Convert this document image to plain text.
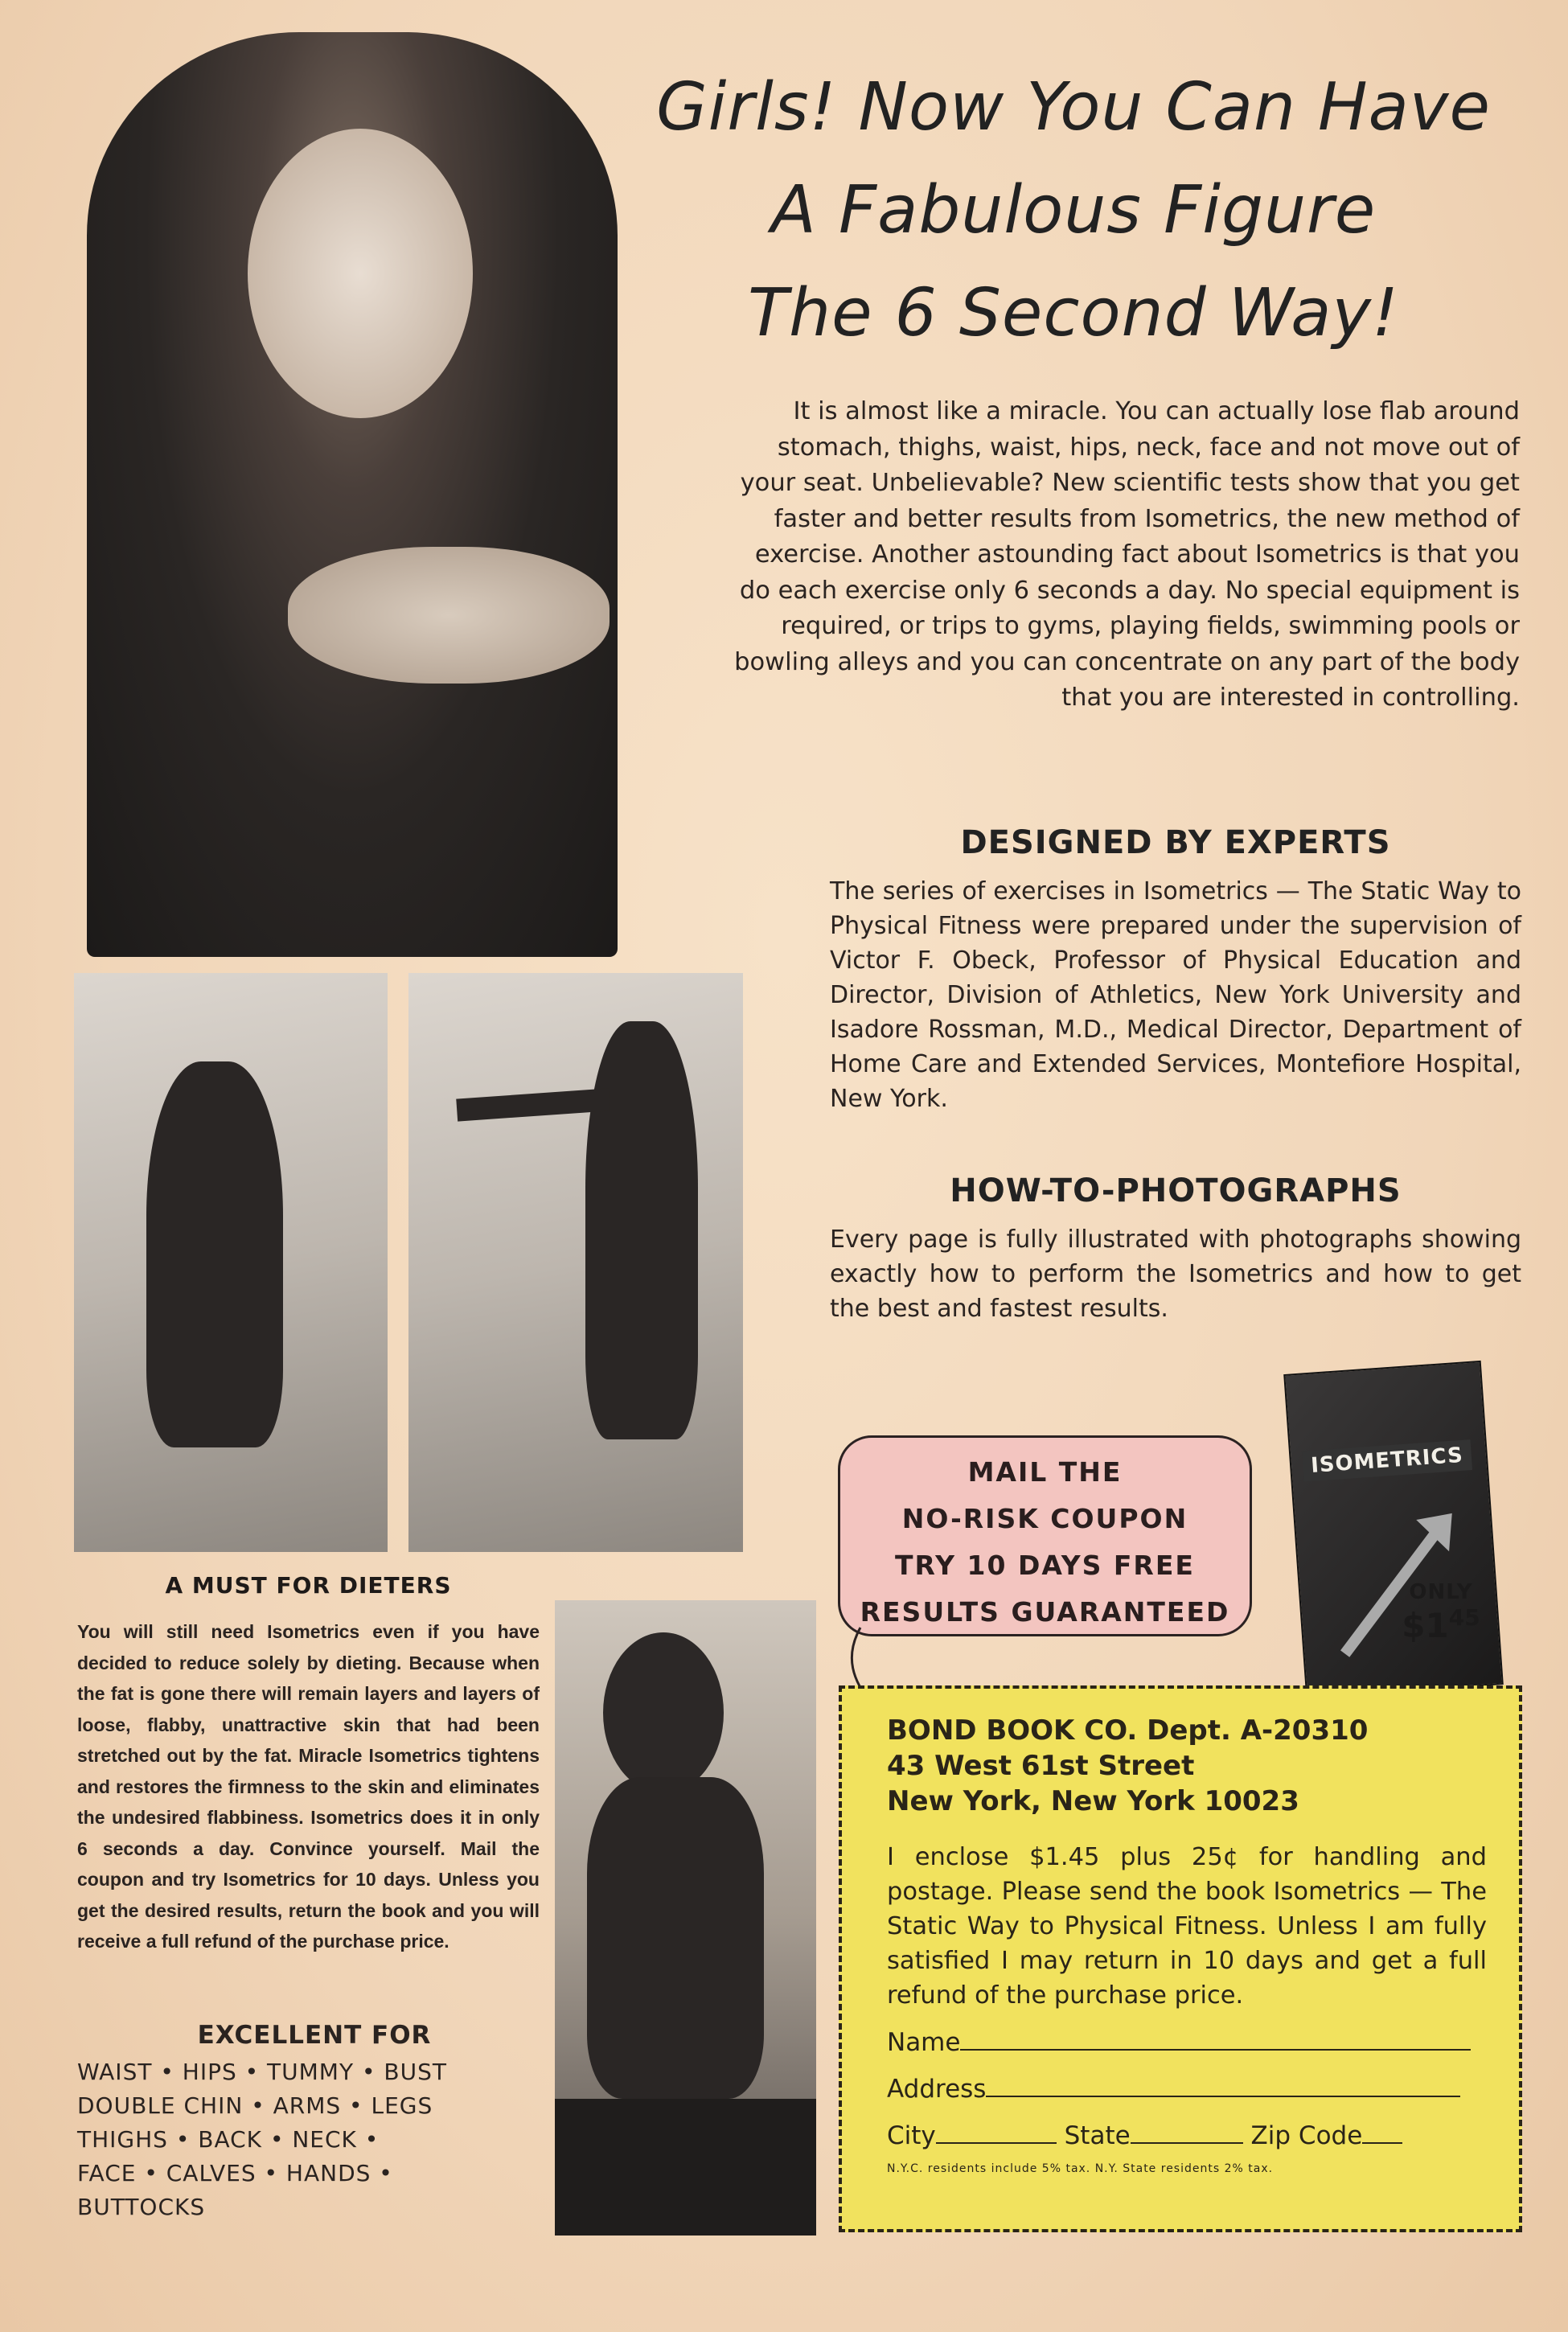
Girls! Now You Can Have
A Fabulous Figure
The 6 Second Way!
It is almost like a miracle. You can actually lose flab around stomach, thighs, waist, hips, neck, face and not move out of your seat. Unbelievable? New scientific tests show that you get faster and better results from Isometrics, the new method of exercise. Another astounding fact about Isometrics is that you do each exercise only 6 seconds a day. No special equipment is required, or trips to gyms, playing fields, swimming pools or bowling alleys and you can concentrate on any part of the body that you are interested in controlling.
DESIGNED BY EXPERTS
The series of exercises in Isometrics — The Static Way to Physical Fitness were prepared under the supervision of Victor F. Obeck, Professor of Physical Education and Director, Division of Athletics, New York University and Isadore Rossman, M.D., Medical Director, Department of Home Care and Extended Services, Montefiore Hospital, New York.
HOW-TO-PHOTOGRAPHS
Every page is fully illustrated with photographs showing exactly how to perform the Isometrics and how to get the best and fastest results.
A MUST FOR DIETERS
You will still need Isometrics even if you have decided to reduce solely by dieting. Because when the fat is gone there will remain layers and layers of loose, flabby, unattractive skin that had been stretched out by the fat. Miracle Isometrics tightens and restores the firmness to the skin and eliminates the undesired flabbiness. Isometrics does it in only 6 seconds a day. Convince yourself. Mail the coupon and try Isometrics for 10 days. Unless you get the desired results, return the book and you will receive a full refund of the purchase price.
EXCELLENT FOR
WAIST • HIPS • TUMMY • BUST
DOUBLE CHIN • ARMS • LEGS
THIGHS • BACK • NECK •
FACE • CALVES • HANDS •
BUTTOCKS
MAIL THE
NO-RISK COUPON
TRY 10 DAYS FREE
RESULTS GUARANTEED
ISOMETRICS
ONLY
$\$1^{45}$
BOND BOOK CO. Dept. A-20310
43 West 61st Street
New York, New York 10023
I enclose $1.45 plus 25¢ for handling and postage. Please send the book Isometrics — The Static Way to Physical Fitness. Unless I am fully satisfied I may return in 10 days and get a full refund of the purchase price.
Name
Address
City	State	Zip Code
N.Y.C. residents include 5% tax. N.Y. State residents 2% tax.
